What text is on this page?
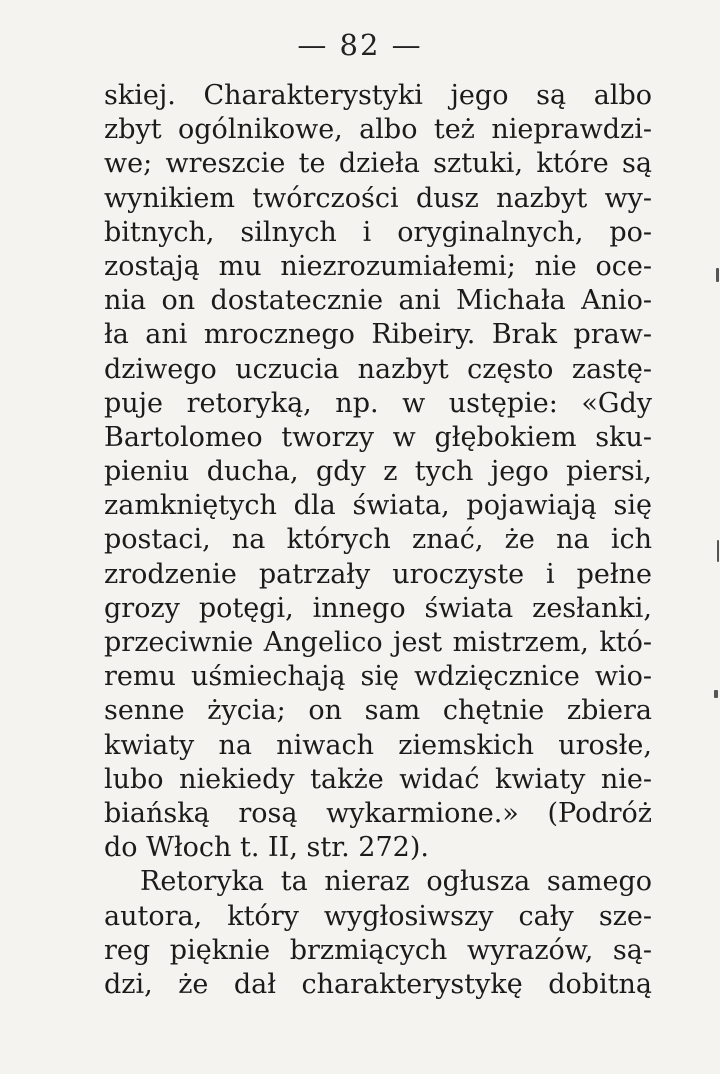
— 82 —
skiej. Charakterystyki jego są albo
zbyt ogólnikowe, albo też nieprawdzi-
we; wreszcie te dzieła sztuki, które są
wynikiem twórczości dusz nazbyt wy-
bitnych, silnych i oryginalnych, po-
zostają mu niezrozumiałemi; nie oce-
nia on dostatecznie ani Michała Anio-
ła ani mrocznego Ribeiry. Brak praw-
dziwego uczucia nazbyt często zastę-
puje retoryką, np. w ustępie: «Gdy
Bartolomeo tworzy w głębokiem sku-
pieniu ducha, gdy z tych jego piersi,
zamkniętych dla świata, pojawiają się
postaci, na których znać, że na ich
zrodzenie patrzały uroczyste i pełne
grozy potęgi, innego świata zesłanki,
przeciwnie Angelico jest mistrzem, któ-
remu uśmiechają się wdzięcznice wio-
senne życia; on sam chętnie zbiera
kwiaty na niwach ziemskich urosłe,
lubo niekiedy także widać kwiaty nie-
biańską rosą wykarmione.» (Podróż
do Włoch t. II, str. 272).
Retoryka ta nieraz ogłusza samego
autora, który wygłosiwszy cały sze-
reg pięknie brzmiących wyrazów, są-
dzi, że dał charakterystykę dobitną
